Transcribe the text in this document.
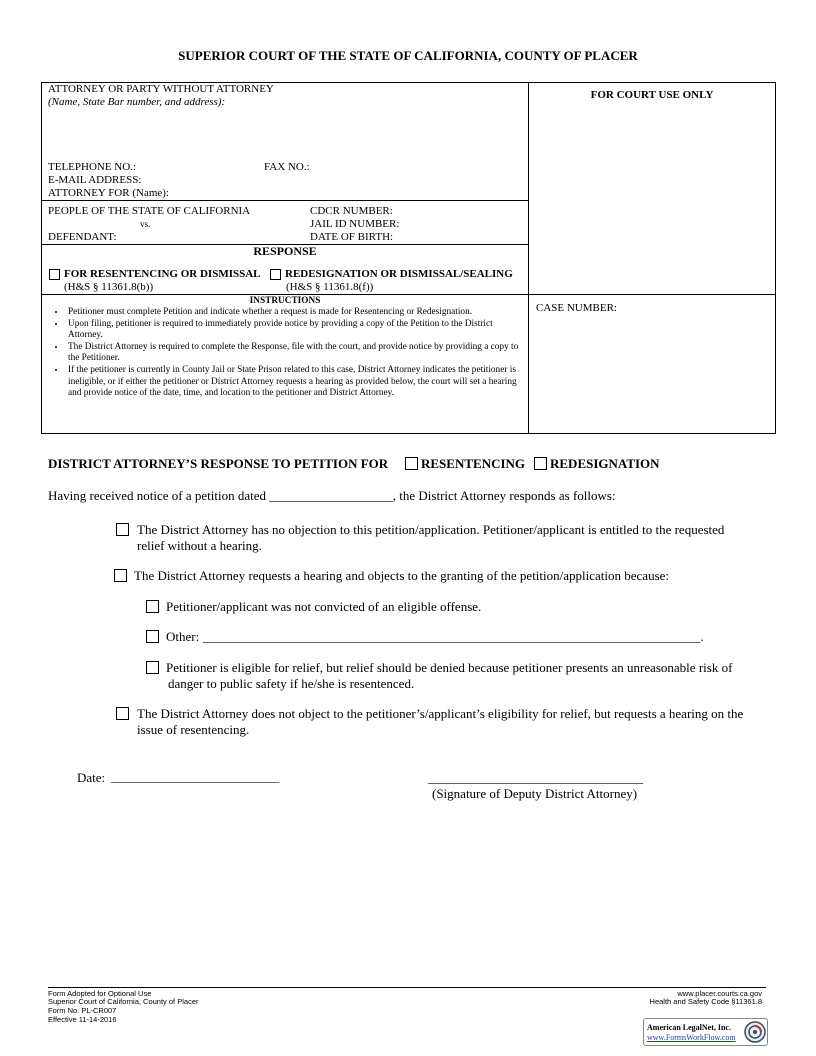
SUPERIOR COURT OF THE STATE OF CALIFORNIA, COUNTY OF PLACER
ATTORNEY OR PARTY WITHOUT ATTORNEY
(Name, State Bar number, and address):
TELEPHONE NO.:	FAX NO.:
E-MAIL ADDRESS:
ATTORNEY FOR (Name):
FOR COURT USE ONLY
PEOPLE OF THE STATE OF CALIFORNIA
vs.
DEFENDANT:
CDCR NUMBER:
JAIL ID NUMBER:
DATE OF BIRTH:
RESPONSE
FOR RESENTENCING OR DISMISSAL
(H&S § 11361.8(b))
REDESIGNATION OR DISMISSAL/SEALING
(H&S § 11361.8(f))
INSTRUCTIONS
• Petitioner must complete Petition and indicate whether a request is made for Resentencing or Redesignation.
• Upon filing, petitioner is required to immediately provide notice by providing a copy of the Petition to the District Attorney.
• The District Attorney is required to complete the Response, file with the court, and provide notice by providing a copy to the Petitioner.
• If the petitioner is currently in County Jail or State Prison related to this case, District Attorney indicates the petitioner is ineligible, or if either the petitioner or District Attorney requests a hearing as provided below, the court will set a hearing and provide notice of the date, time, and location to the petitioner and District Attorney.
CASE NUMBER:
DISTRICT ATTORNEY’S RESPONSE TO PETITION FOR	RESENTENCING REDESIGNATION
Having received notice of a petition dated ___________________, the District Attorney responds as follows:
The District Attorney has no objection to this petition/application. Petitioner/applicant is entitled to the requested
relief without a hearing.
The District Attorney requests a hearing and objects to the granting of the petition/application because:
Petitioner/applicant was not convicted of an eligible offense.
Other: _______________________________________________________________________________.
Petitioner is eligible for relief, but relief should be denied because petitioner presents an unreasonable risk of
danger to public safety if he/she is resentenced.
The District Attorney does not object to the petitioner’s/applicant’s eligibility for relief, but requests a hearing on the
issue of resentencing.
Date: _____________________________	___________________________________
(Signature of Deputy District Attorney)
Form Adopted for Optional Use
Superior Court of California, County of Placer
Form No. PL-CR007
Effective 11-14-2016
www.placer.courts.ca.gov
Health and Safety Code §11361.8
American LegalNet, Inc.
www.FormsWorkFlow.com
